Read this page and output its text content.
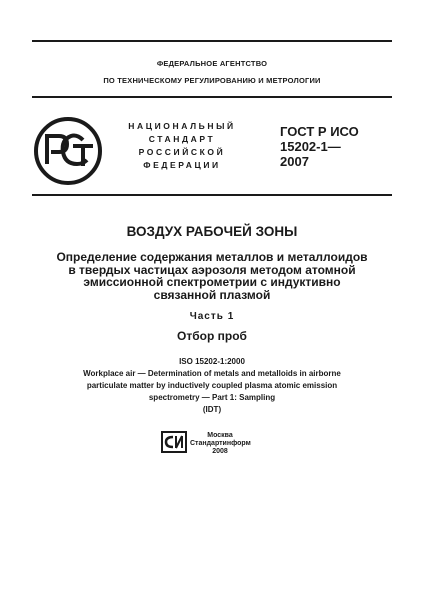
ФЕДЕРАЛЬНОЕ АГЕНТСТВО
ПО ТЕХНИЧЕСКОМУ РЕГУЛИРОВАНИЮ И МЕТРОЛОГИИ
НАЦИОНАЛЬНЫЙ
СТАНДАРТ
РОССИЙСКОЙ
ФЕДЕРАЦИИ
ГОСТ Р ИСО
15202-1—
2007
ВОЗДУХ РАБОЧЕЙ ЗОНЫ
Определение содержания металлов и металлоидов
в твердых частицах аэрозоля методом атомной
эмиссионной спектрометрии с индуктивно
связанной плазмой
Часть 1
Отбор проб
ISO 15202-1:2000
Workplace air — Determination of metals and metalloids in airborne
particulate matter by inductively coupled plasma atomic emission
spectrometry — Part 1: Sampling
(IDT)
Москва
Стандартинформ
2008
